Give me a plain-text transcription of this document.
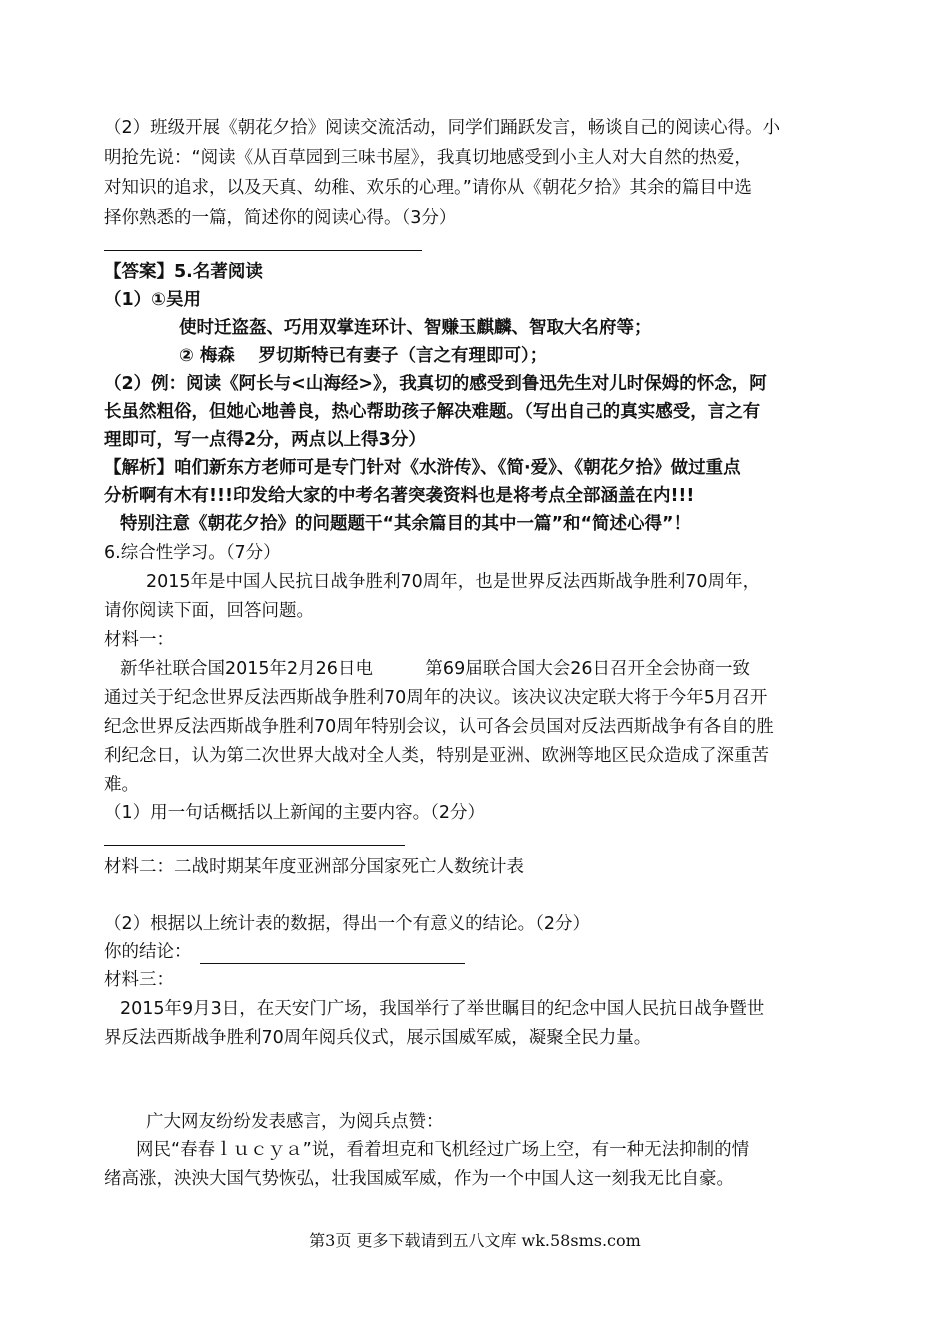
（2）班级开展《朝花夕拾》阅读交流活动，同学们踊跃发言，畅谈自己的阅读心得。小
明抢先说：“阅读《从百草园到三味书屋》，我真切地感受到小主人对大自然的热爱，
对知识的追求，以及天真、幼稚、欢乐的心理。”请你从《朝花夕拾》其余的篇目中选
择你熟悉的一篇，简述你的阅读心得。（3分）
【答案】5.名著阅读
（1）①吴用
使时迁盗盔、巧用双掌连环计、智赚玉麒麟、智取大名府等；
② 梅森　 罗切斯特已有妻子（言之有理即可）；
（2）例：阅读《阿长与<山海经>》，我真切的感受到鲁迅先生对儿时保姆的怀念，阿
长虽然粗俗，但她心地善良，热心帮助孩子解决难题。（写出自己的真实感受，言之有
理即可，写一点得2分，两点以上得3分）
【解析】咱们新东方老师可是专门针对《水浒传》、《简·爱》、《朝花夕拾》做过重点
分析啊有木有!!!印发给大家的中考名著突袭资料也是将考点全部涵盖在内!!!
特别注意《朝花夕拾》的问题题干“其余篇目的其中一篇”和“简述心得”！
6.综合性学习。（7分）
2015年是中国人民抗日战争胜利70周年，也是世界反法西斯战争胜利70周年，
请你阅读下面，回答问题。
材料一：
新华社联合国2015年2月26日电　　　第69届联合国大会26日召开全会协商一致
通过关于纪念世界反法西斯战争胜利70周年的决议。该决议决定联大将于今年5月召开
纪念世界反法西斯战争胜利70周年特别会议，认可各会员国对反法西斯战争有各自的胜
利纪念日，认为第二次世界大战对全人类，特别是亚洲、欧洲等地区民众造成了深重苦
难。
（1）用一句话概括以上新闻的主要内容。（2分）
材料二：二战时期某年度亚洲部分国家死亡人数统计表
（2）根据以上统计表的数据，得出一个有意义的结论。（2分）
你的结论：
材料三：
2015年9月3日，在天安门广场，我国举行了举世瞩目的纪念中国人民抗日战争暨世
界反法西斯战争胜利70周年阅兵仪式，展示国威军威，凝聚全民力量。
广大网友纷纷发表感言，为阅兵点赞：
网民“春春ｌｕｃｙａ”说，看着坦克和飞机经过广场上空，有一种无法抑制的情
绪高涨，泱泱大国气势恢弘，壮我国威军威，作为一个中国人这一刻我无比自豪。
第3页 更多下载请到五八文库 wk.58sms.com
